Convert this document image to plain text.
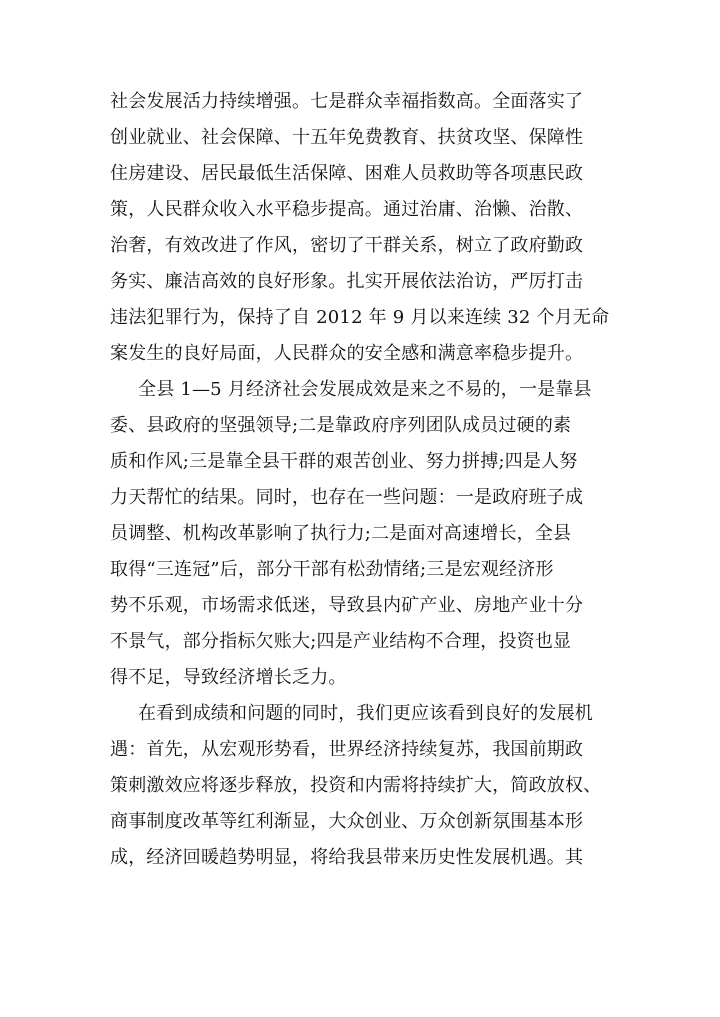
社会发展活力持续增强。七是群众幸福指数高。全面落实了
创业就业、社会保障、十五年免费教育、扶贫攻坚、保障性
住房建设、居民最低生活保障、困难人员救助等各项惠民政
策，人民群众收入水平稳步提高。通过治庸、治懒、治散、
治奢，有效改进了作风，密切了干群关系，树立了政府勤政
务实、廉洁高效的良好形象。扎实开展依法治访，严厉打击
违法犯罪行为，保持了自 2012 年 9 月以来连续 32 个月无命
案发生的良好局面，人民群众的安全感和满意率稳步提升。
全县 1—5 月经济社会发展成效是来之不易的，一是靠县
委、县政府的坚强领导;二是靠政府序列团队成员过硬的素
质和作风;三是靠全县干群的艰苦创业、努力拼搏;四是人努
力天帮忙的结果。同时，也存在一些问题：一是政府班子成
员调整、机构改革影响了执行力;二是面对高速增长，全县
取得“三连冠”后，部分干部有松劲情绪;三是宏观经济形
势不乐观，市场需求低迷，导致县内矿产业、房地产业十分
不景气，部分指标欠账大;四是产业结构不合理，投资也显
得不足，导致经济增长乏力。
在看到成绩和问题的同时，我们更应该看到良好的发展机
遇：首先，从宏观形势看，世界经济持续复苏，我国前期政
策刺激效应将逐步释放，投资和内需将持续扩大，简政放权、
商事制度改革等红利渐显，大众创业、万众创新氛围基本形
成，经济回暖趋势明显，将给我县带来历史性发展机遇。其
